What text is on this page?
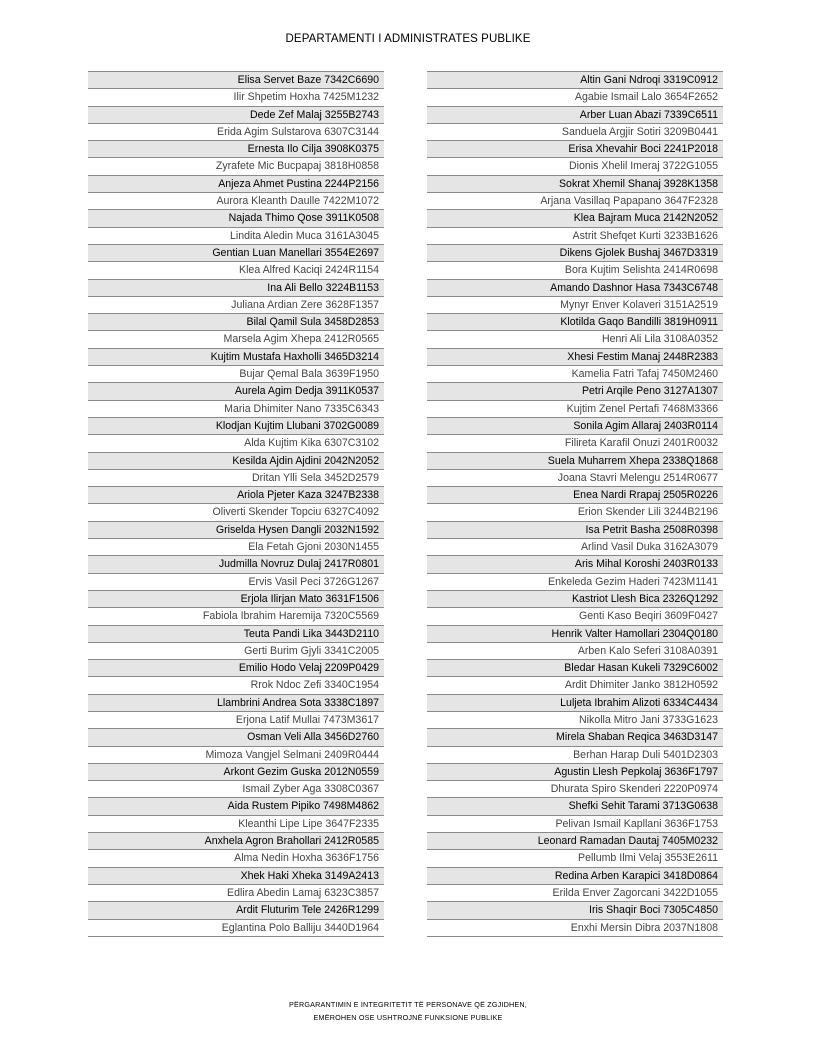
DEPARTAMENTI I ADMINISTRATES PUBLIKE
Elisa Servet Baze 7342C6690
Ilir Shpetim Hoxha 7425M1232
Dede Zef Malaj 3255B2743
Erida Agim Sulstarova 6307C3144
Ernesta Ilo Cilja 3908K0375
Zyrafete Mic Bucpapaj 3818H0858
Anjeza Ahmet Pustina 2244P2156
Aurora Kleanth Daulle 7422M1072
Najada Thimo Qose 3911K0508
Lindita Aledin Muca 3161A3045
Gentian Luan Manellari 3554E2697
Klea Alfred Kaciqi 2424R1154
Ina Ali Bello 3224B1153
Juliana Ardian Zere 3628F1357
Bilal Qamil Sula 3458D2853
Marsela Agim Xhepa 2412R0565
Kujtim Mustafa Haxholli 3465D3214
Bujar Qemal Bala 3639F1950
Aurela Agim Dedja 3911K0537
Maria Dhimiter Nano 7335C6343
Klodjan Kujtim Llubani 3702G0089
Alda Kujtim Kika 6307C3102
Kesilda Ajdin Ajdini 2042N2052
Dritan Ylli Sela 3452D2579
Ariola Pjeter Kaza 3247B2338
Oliverti Skender Topciu 6327C4092
Griselda Hysen Dangli 2032N1592
Ela Fetah Gjoni 2030N1455
Judmilla Novruz Dulaj 2417R0801
Ervis Vasil Peci 3726G1267
Erjola Ilirjan Mato 3631F1506
Fabiola Ibrahim Haremija 7320C5569
Teuta Pandi Lika 3443D2110
Gerti Burim Gjyli 3341C2005
Emilio Hodo Velaj 2209P0429
Rrok Ndoc Zefi 3340C1954
Llambrini Andrea Sota 3338C1897
Erjona Latif Mullai 7473M3617
Osman Veli Alla 3456D2760
Mimoza Vangjel Selmani 2409R0444
Arkont Gezim Guska 2012N0559
Ismail Zyber Aga 3308C0367
Aida Rustem Pipiko 7498M4862
Kleanthi Lipe Lipe 3647F2335
Anxhela Agron Brahollari 2412R0585
Alma Nedin Hoxha 3636F1756
Xhek Haki Xheka 3149A2413
Edlira Abedin Lamaj 6323C3857
Ardit Fluturim Tele 2426R1299
Eglantina Polo Balliju 3440D1964
Altin Gani Ndroqi 3319C0912
Agabie Ismail Lalo 3654F2652
Arber Luan Abazi 7339C6511
Sanduela Argjir Sotiri 3209B0441
Erisa Xhevahir Boci 2241P2018
Dionis Xhelil Imeraj 3722G1055
Sokrat Xhemil Shanaj 3928K1358
Arjana Vasillaq Papapano 3647F2328
Klea Bajram Muca 2142N2052
Astrit Shefqet Kurti 3233B1626
Dikens Gjolek Bushaj 3467D3319
Bora Kujtim Selishta 2414R0698
Amando Dashnor Hasa 7343C6748
Mynyr Enver Kolaveri 3151A2519
Klotilda Gaqo Bandilli 3819H0911
Henri Ali Lila 3108A0352
Xhesi Festim Manaj 2448R2383
Kamelia Fatri Tafaj 7450M2460
Petri Arqile Peno 3127A1307
Kujtim Zenel Pertafi 7468M3366
Sonila Agim Allaraj 2403R0114
Filireta Karafil Onuzi 2401R0032
Suela Muharrem Xhepa 2338Q1868
Joana Stavri Melengu 2514R0677
Enea Nardi Rrapaj 2505R0226
Erion Skender Lili 3244B2196
Isa Petrit Basha 2508R0398
Arlind Vasil Duka 3162A3079
Aris Mihal Koroshi 2403R0133
Enkeleda Gezim Haderi 7423M1141
Kastriot Llesh Bica 2326Q1292
Genti Kaso Beqiri 3609F0427
Henrik Valter Hamollari 2304Q0180
Arben Kalo Seferi 3108A0391
Bledar Hasan Kukeli 7329C6002
Ardit Dhimiter Janko 3812H0592
Luljeta Ibrahim Alizoti 6334C4434
Nikolla Mitro Jani 3733G1623
Mirela Shaban Reqica 3463D3147
Berhan Harap Duli 5401D2303
Agustin Llesh Pepkolaj 3636F1797
Dhurata Spiro Skenderi 2220P0974
Shefki Sehit Tarami 3713G0638
Pelivan Ismail Kapllani 3636F1753
Leonard Ramadan Dautaj 7405M0232
Pellumb Ilmi Velaj 3553E2611
Redina Arben Karapici 3418D0864
Erilda Enver Zagorcani 3422D1055
Iris Shaqir Boci 7305C4850
Enxhi Mersin Dibra 2037N1808
PËRGARANTIMIN E INTEGRITETIT TË PERSONAVE QË ZGJIDHEN,
EMËROHEN OSE USHTROJNË FUNKSIONE PUBLIKE
